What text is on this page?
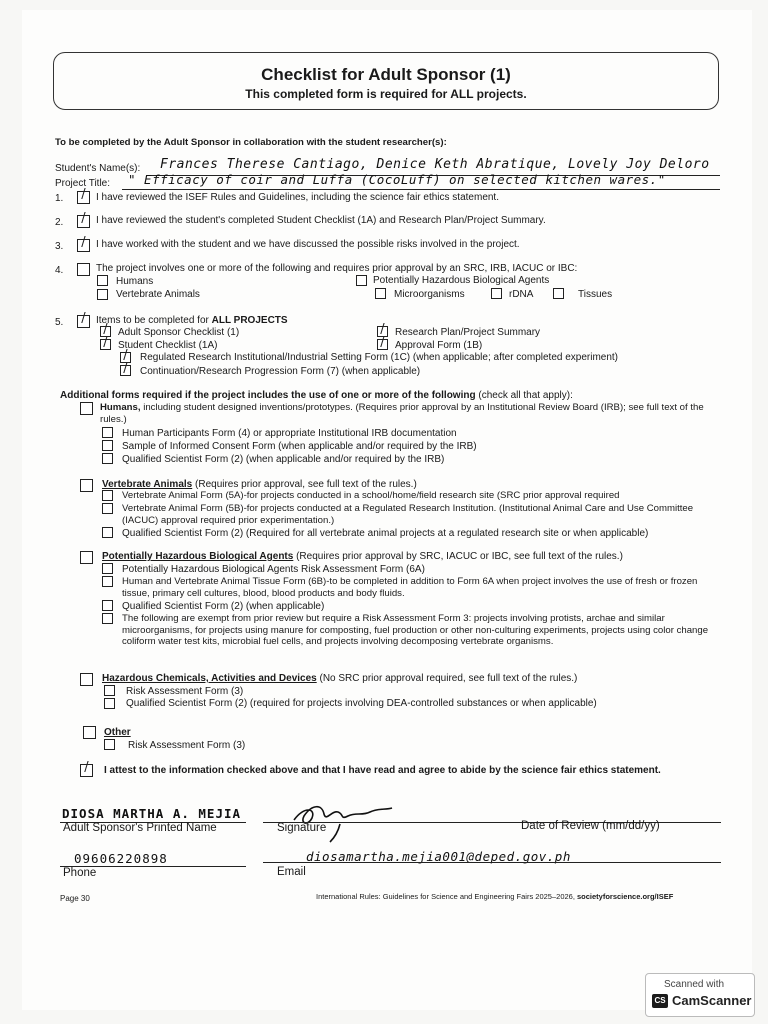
Checklist for Adult Sponsor (1)
This completed form is required for ALL projects.
To be completed by the Adult Sponsor in collaboration with the student researcher(s):
Student's Name(s): Frances Therese Cantiago, Denice Keth Abratique, Lovely Joy Deloro
Project Title: " Efficacy of coir and Luffa (CocoLuff) on selected kitchen wares."
1. /	I have reviewed the ISEF Rules and Guidelines, including the science fair ethics statement.
2. /	I have reviewed the student's completed Student Checklist (1A) and Research Plan/Project Summary.
3. /	I have worked with the student and we have discussed the possible risks involved in the project.
4.	The project involves one or more of the following and requires prior approval by an SRC, IRB, IACUC or IBC:
Humans
Vertebrate Animals
Potentially Hazardous Biological Agents
Microorganisms	rDNA	Tissues
5. /	Items to be completed for ALL PROJECTS
/ Adult Sponsor Checklist (1)
/ Student Checklist (1A)
/ Research Plan/Project Summary
/ Approval Form (1B)
/ Regulated Research Institutional/Industrial Setting Form (1C) (when applicable; after completed experiment)
/ Continuation/Research Progression Form (7) (when applicable)
Additional forms required if the project includes the use of one or more of the following (check all that apply):
Humans, including student designed inventions/prototypes. (Requires prior approval by an Institutional Review Board (IRB); see full text of the rules.)
Human Participants Form (4) or appropriate Institutional IRB documentation
Sample of Informed Consent Form (when applicable and/or required by the IRB)
Qualified Scientist Form (2) (when applicable and/or required by the IRB)
Vertebrate Animals (Requires prior approval, see full text of the rules.)
Vertebrate Animal Form (5A)-for projects conducted in a school/home/field research site (SRC prior approval required
Vertebrate Animal Form (5B)-for projects conducted at a Regulated Research Institution. (Institutional Animal Care and Use Committee (IACUC) approval required prior experimentation.)
Qualified Scientist Form (2) (Required for all vertebrate animal projects at a regulated research site or when applicable)
Potentially Hazardous Biological Agents (Requires prior approval by SRC, IACUC or IBC, see full text of the rules.)
Potentially Hazardous Biological Agents Risk Assessment Form (6A)
Human and Vertebrate Animal Tissue Form (6B)-to be completed in addition to Form 6A when project involves the use of fresh or frozen tissue, primary cell cultures, blood, blood products and body fluids.
Qualified Scientist Form (2) (when applicable)
The following are exempt from prior review but require a Risk Assessment Form 3: projects involving protists, archae and similar microorganisms, for projects using manure for composting, fuel production or other non-culturing experiments, projects using color change coliform water test kits, microbial fuel cells, and projects involving decomposing vertebrate organisms.
Hazardous Chemicals, Activities and Devices (No SRC prior approval required, see full text of the rules.)
Risk Assessment Form (3)
Qualified Scientist Form (2) (required for projects involving DEA-controlled substances or when applicable)
Other
Risk Assessment Form (3)
/	I attest to the information checked above and that I have read and agree to abide by the science fair ethics statement.
DIOSA MARTHA A. MEJIA
Adult Sponsor's Printed Name	Signature	Date of Review (mm/dd/yy)
09606220898
Phone
diosamartha.mejia001@deped.gov.ph
Email
Page 30	International Rules: Guidelines for Science and Engineering Fairs 2025–2026, societyforscience.org/ISEF
Scanned with
CS CamScanner
